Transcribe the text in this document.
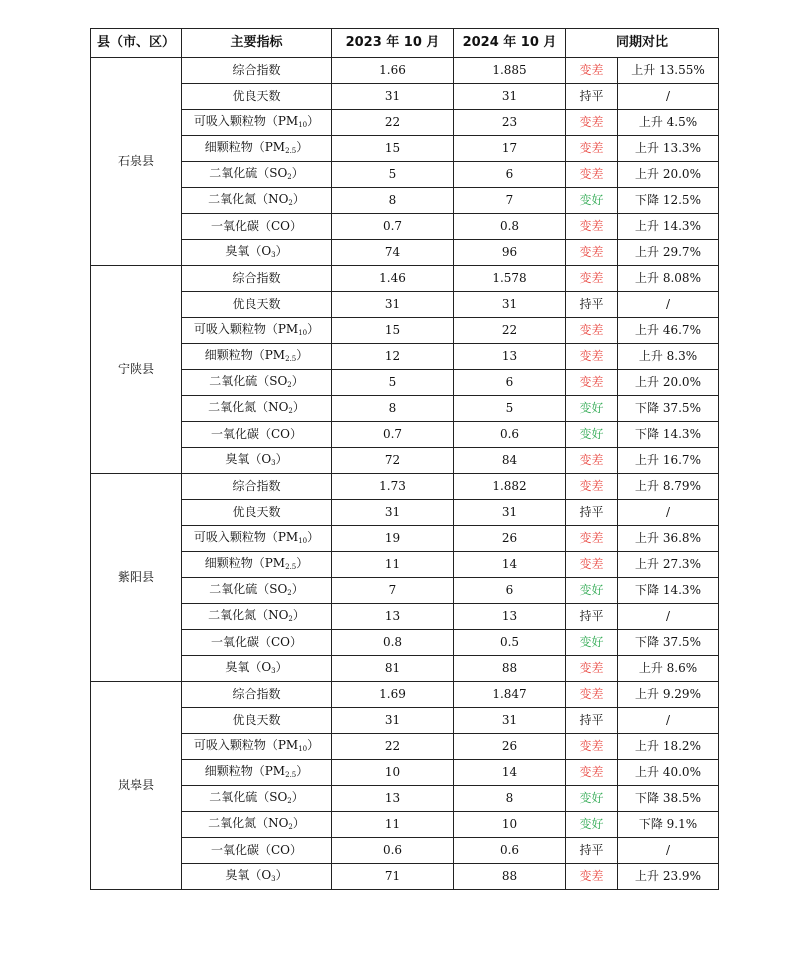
县（市、区）	主要指标	2023 年 10 月	2024 年 10 月	同期对比	
石泉县	综合指数	1.66	1.885	变差	上升 13.55%
	优良天数	31	31	持平	/
	可吸入颗粒物$(PM_{10})$	22	23	变差	上升 4.5%
	细颗粒物$(PM_{2.5})$	15	17	变差	上升 13.3%
	二氧化硫$(SO_2)$	5	6	变差	上升 20.0%
	二氧化氮$(NO_2)$	8	7	变好	下降 12.5%
	一氧化碳（CO）	0.7	0.8	变差	上升 14.3%
	臭氧$(O_3)$	74	96	变差	上升 29.7%
宁陕县	综合指数	1.46	1.578	变差	上升 8.08%
	优良天数	31	31	持平	/
	可吸入颗粒物$(PM_{10})$	15	22	变差	上升 46.7%
	细颗粒物$(PM_{2.5})$	12	13	变差	上升 8.3%
	二氧化硫$(SO_2)$	5	6	变差	上升 20.0%
	二氧化氮$(NO_2)$	8	5	变好	下降 37.5%
	一氧化碳（CO）	0.7	0.6	变好	下降 14.3%
	臭氧$(O_3)$	72	84	变差	上升 16.7%
紫阳县	综合指数	1.73	1.882	变差	上升 8.79%
	优良天数	31	31	持平	/
	可吸入颗粒物$(PM_{10})$	19	26	变差	上升 36.8%
	细颗粒物$(PM_{2.5})$	11	14	变差	上升 27.3%
	二氧化硫$(SO_2)$	7	6	变好	下降 14.3%
	二氧化氮$(NO_2)$	13	13	持平	/
	一氧化碳（CO）	0.8	0.5	变好	下降 37.5%
	臭氧$(O_3)$	81	88	变差	上升 8.6%
岚皋县	综合指数	1.69	1.847	变差	上升 9.29%
	优良天数	31	31	持平	/
	可吸入颗粒物$(PM_{10})$	22	26	变差	上升 18.2%
	细颗粒物$(PM_{2.5})$	10	14	变差	上升 40.0%
	二氧化硫$(SO_2)$	13	8	变好	下降 38.5%
	二氧化氮$(NO_2)$	11	10	变好	下降 9.1%
	一氧化碳（CO）	0.6	0.6	持平	/
	臭氧$(O_3)$	71	88	变差	上升 23.9%
